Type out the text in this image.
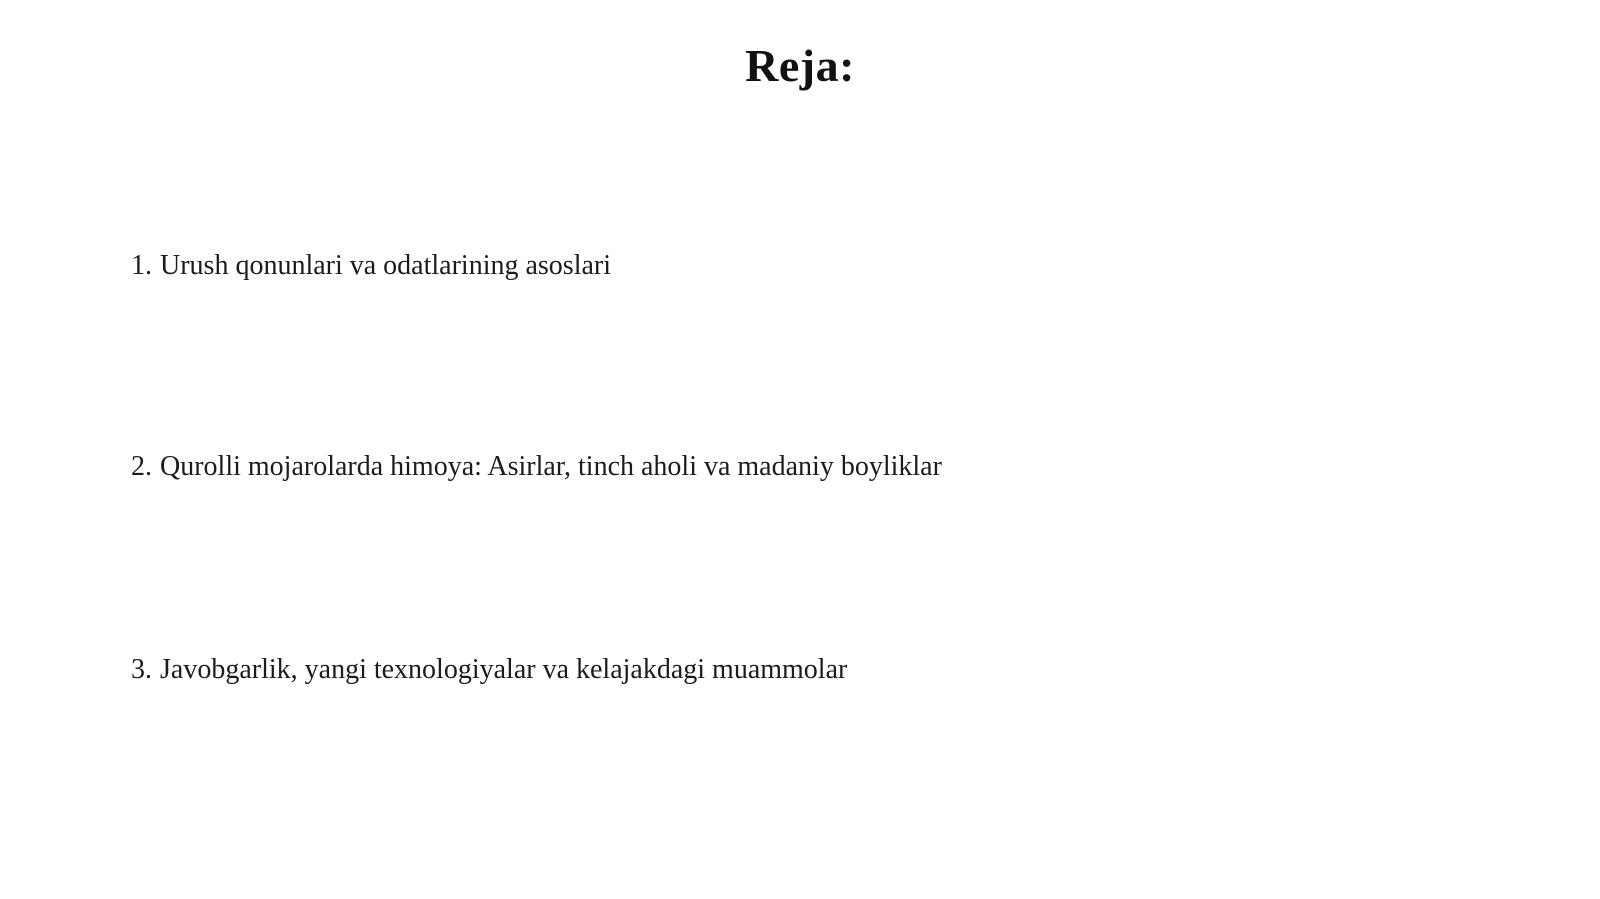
Reja:
1. Urush qonunlari va odatlarining asoslari
2. Qurolli mojarolarda himoya: Asirlar, tinch aholi va madaniy boyliklar
3. Javobgarlik, yangi texnologiyalar va kelajakdagi muammolar
